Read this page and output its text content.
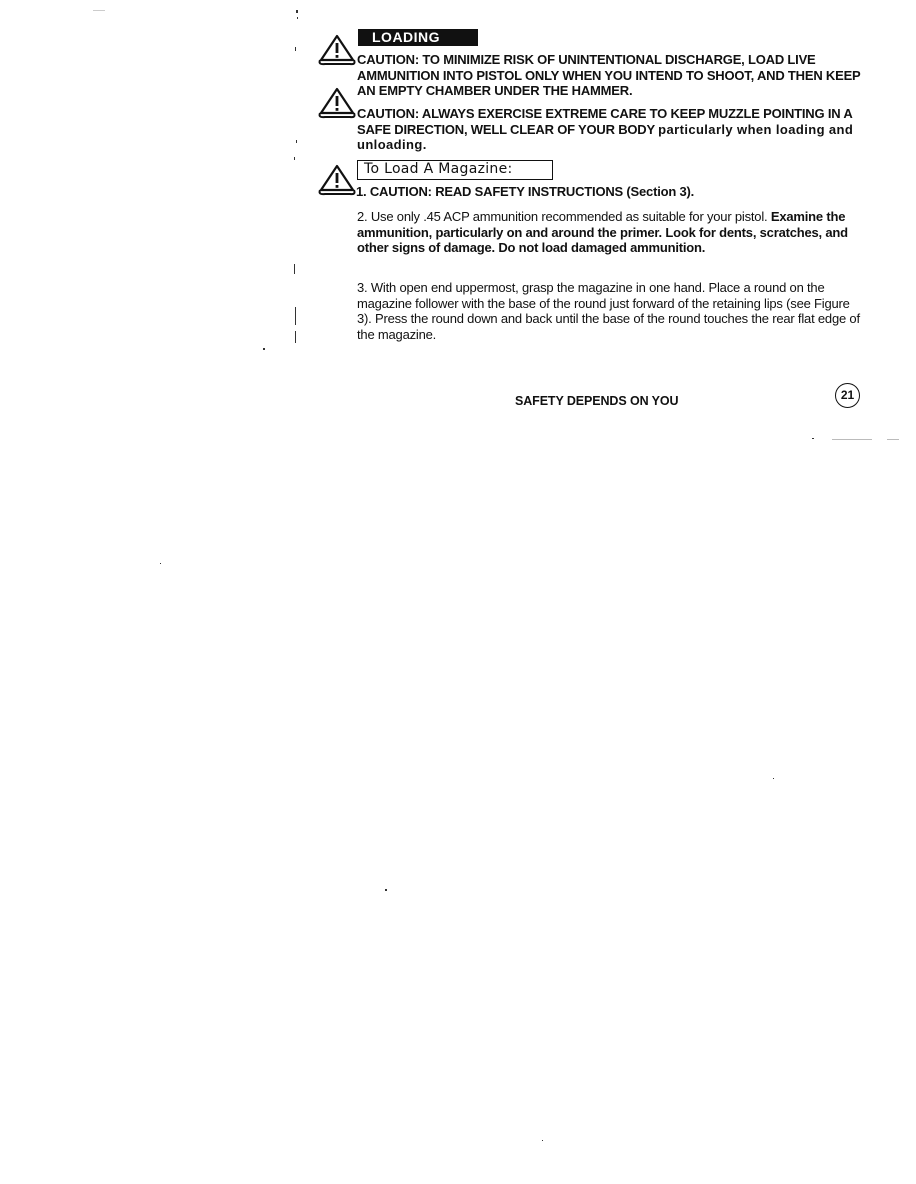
LOADING
CAUTION: TO MINIMIZE RISK OF UNINTENTIONAL DISCHARGE, LOAD LIVE AMMUNITION INTO PISTOL ONLY WHEN YOU INTEND TO SHOOT, AND THEN KEEP AN EMPTY CHAMBER UNDER THE HAMMER.
CAUTION: ALWAYS EXERCISE EXTREME CARE TO KEEP MUZZLE POINTING IN A SAFE DIRECTION, WELL CLEAR OF YOUR BODY particularly when loading and unloading.
To Load A Magazine:
1. CAUTION: READ SAFETY INSTRUCTIONS (Section 3).
2. Use only .45 ACP ammunition recommended as suitable for your pistol. Examine the ammunition, particularly on and around the primer. Look for dents, scratches, and other signs of damage. Do not load damaged ammunition.
3. With open end uppermost, grasp the magazine in one hand. Place a round on the magazine follower with the base of the round just forward of the retaining lips (see Figure 3). Press the round down and back until the base of the round touches the rear flat edge of the magazine.
SAFETY DEPENDS ON YOU	21
